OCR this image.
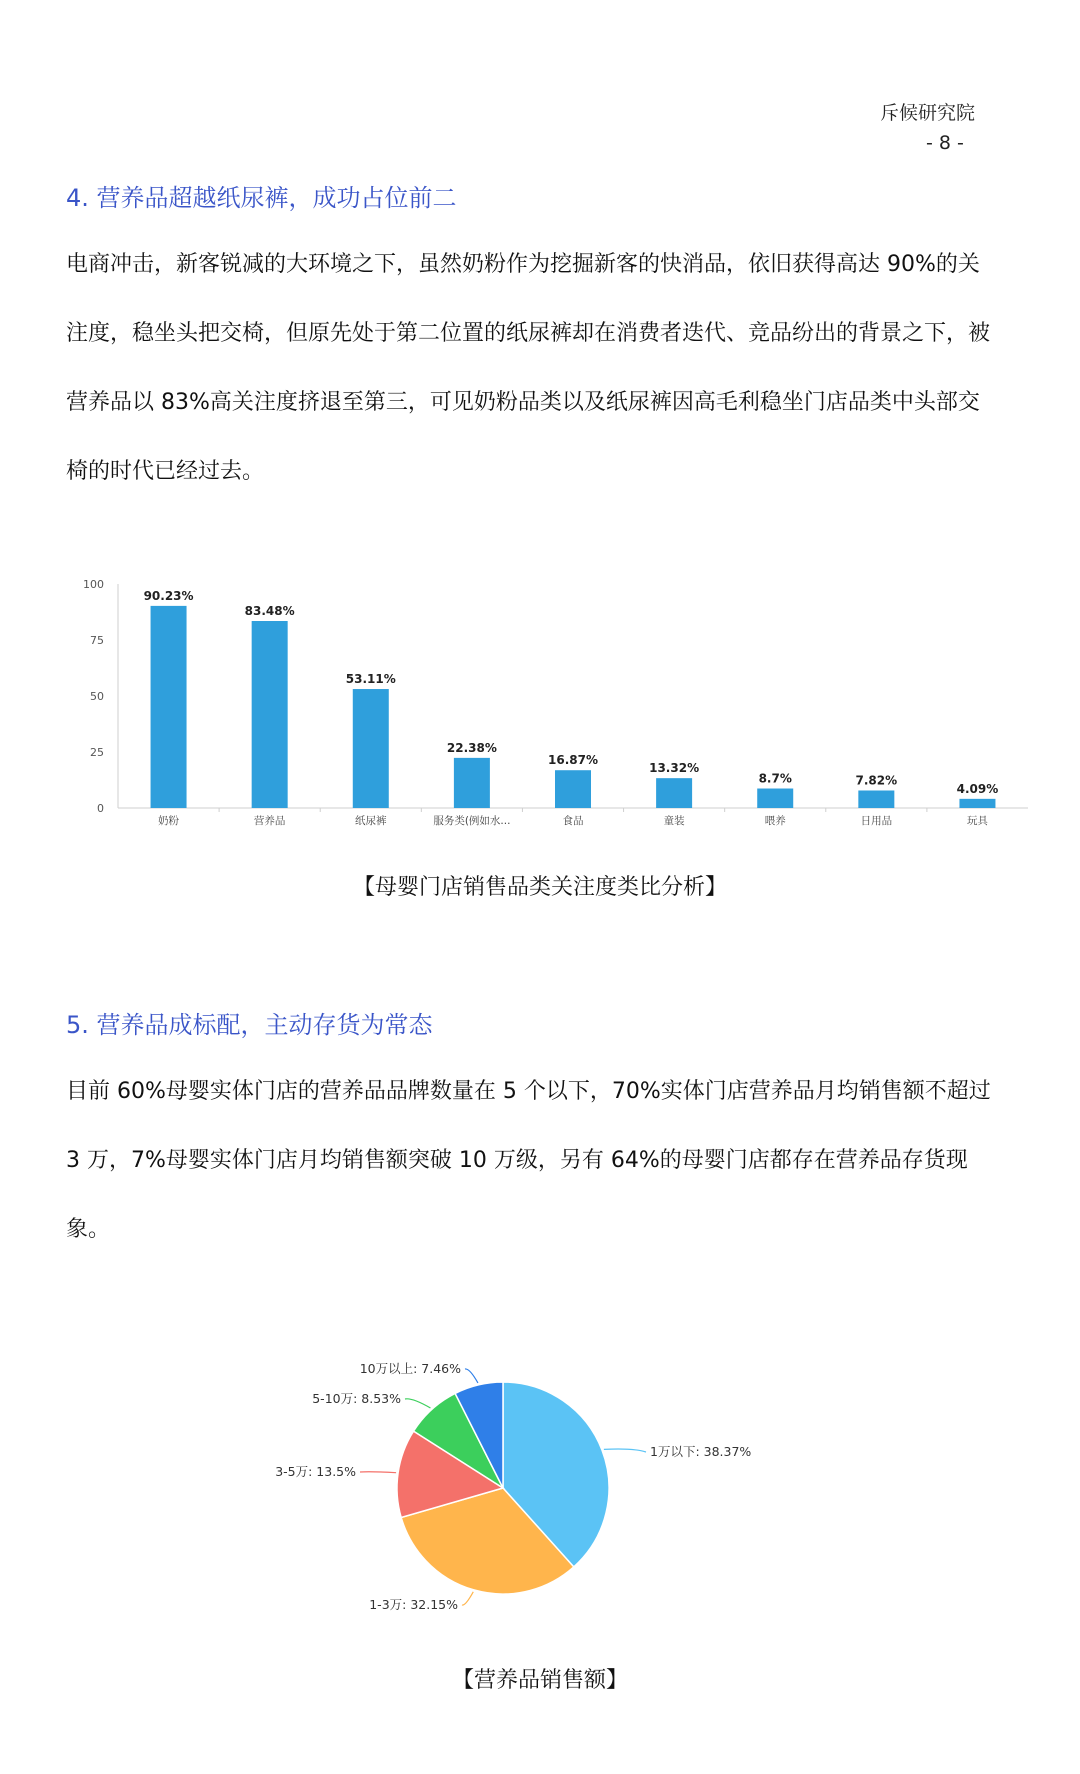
斥候研究院
- 8 -
4. 营养品超越纸尿裤，成功占位前二

电商冲击，新客锐减的大环境之下，虽然奶粉作为挖掘新客的快消品，依旧获得高达 90%的关注度，稳坐头把交椅，但原先处于第二位置的纸尿裤却在消费者迭代、竞品纷出的背景之下，被营养品以 83%高关注度挤退至第三，可见奶粉品类以及纸尿裤因高毛利稳坐门店品类中头部交椅的时代已经过去。

0
25
50
75
100
90.23%
奶粉
83.48%
营养品
53.11%
纸尿裤
22.38%
服务类(例如水...
16.87%
食品
13.32%
童装
8.7%
喂养
7.82%
日用品
4.09%
玩具
【母婴门店销售品类关注度类比分析】
5. 营养品成标配，主动存货为常态

目前 60%母婴实体门店的营养品品牌数量在 5 个以下，70%实体门店营养品月均销售额不超过 3 万，7%母婴实体门店月均销售额突破 10 万级，另有 64%的母婴门店都存在营养品存货现象。

1万以下: 38.37%
1-3万: 32.15%
3-5万: 13.5%
5-10万: 8.53%
10万以上: 7.46%
【营养品销售额】
